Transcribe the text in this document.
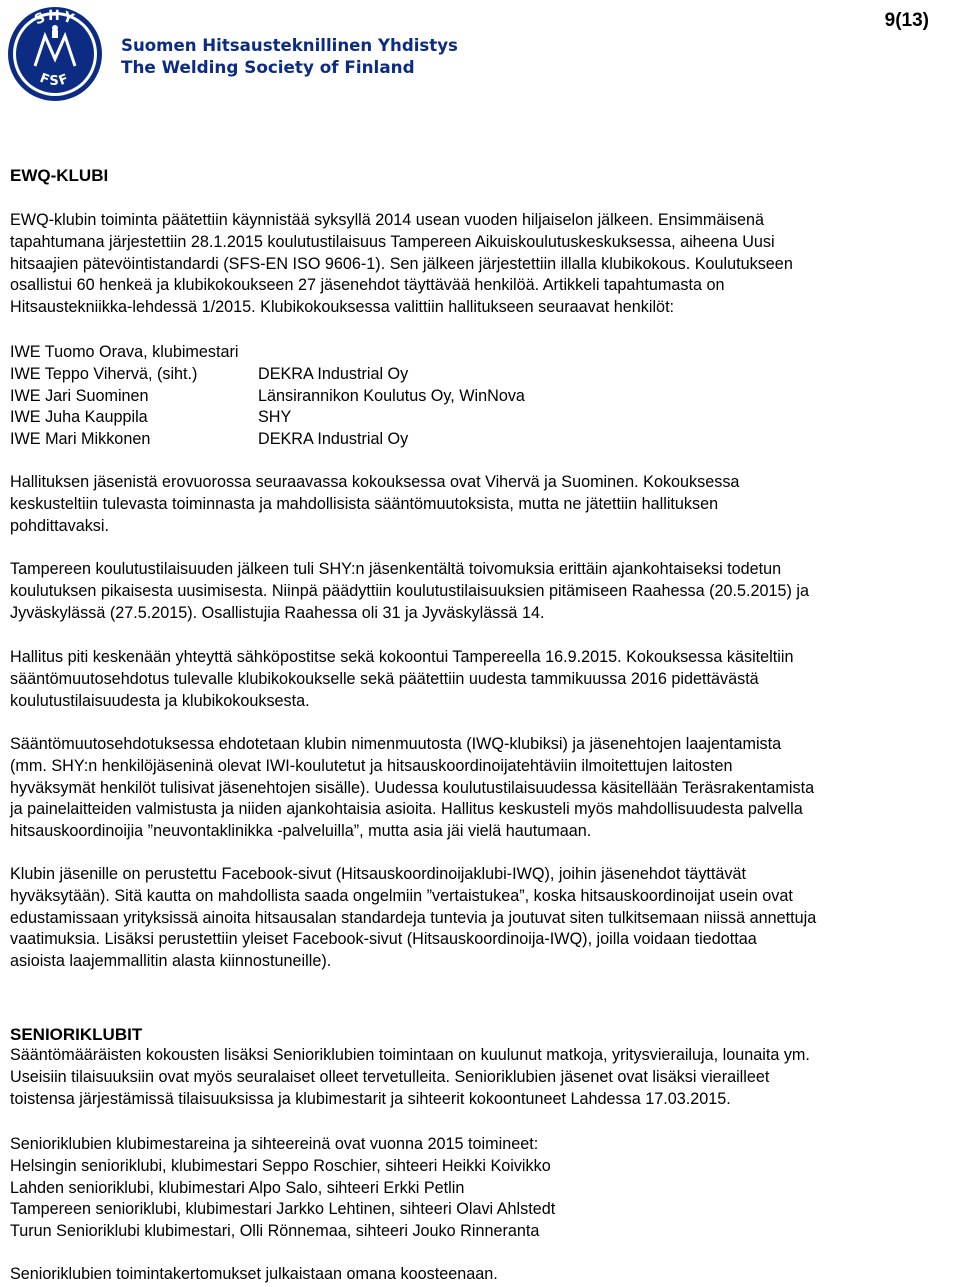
SHY
FSF
Suomen Hitsausteknillinen Yhdistys
The Welding Society of Finland
9(13)
EWQ-KLUBI
EWQ-klubin toiminta päätettiin käynnistää syksyllä 2014 usean vuoden hiljaiselon jälkeen. Ensimmäisenä
tapahtumana järjestettiin 28.1.2015 koulutustilaisuus Tampereen Aikuiskoulutuskeskuksessa, aiheena Uusi
hitsaajien pätevöintistandardi (SFS-EN ISO 9606-1). Sen jälkeen järjestettiin illalla klubikokous. Koulutukseen
osallistui 60 henkeä ja klubikokoukseen 27 jäsenehdot täyttävää henkilöä. Artikkeli tapahtumasta on
Hitsaustekniikka-lehdessä 1/2015. Klubikokouksessa valittiin hallitukseen seuraavat henkilöt:
IWE Tuomo Orava, klubimestari
IWE Teppo Vihervä, (siht.)	DEKRA Industrial Oy
IWE Jari Suominen	Länsirannikon Koulutus Oy, WinNova
IWE Juha Kauppila	SHY
IWE Mari Mikkonen	DEKRA Industrial Oy
Hallituksen jäsenistä erovuorossa seuraavassa kokouksessa ovat Vihervä ja Suominen. Kokouksessa
keskusteltiin tulevasta toiminnasta ja mahdollisista sääntömuutoksista, mutta ne jätettiin hallituksen
pohdittavaksi.
Tampereen koulutustilaisuuden jälkeen tuli SHY:n jäsenkentältä toivomuksia erittäin ajankohtaiseksi todetun
koulutuksen pikaisesta uusimisesta. Niinpä päädyttiin koulutustilaisuuksien pitämiseen Raahessa (20.5.2015) ja
Jyväskylässä (27.5.2015). Osallistujia Raahessa oli 31 ja Jyväskylässä 14.
Hallitus piti keskenään yhteyttä sähköpostitse sekä kokoontui Tampereella 16.9.2015. Kokouksessa käsiteltiin
sääntömuutosehdotus tulevalle klubikokoukselle sekä päätettiin uudesta tammikuussa 2016 pidettävästä
koulutustilaisuudesta ja klubikokouksesta.
Sääntömuutosehdotuksessa ehdotetaan klubin nimenmuutosta (IWQ-klubiksi) ja jäsenehtojen laajentamista
(mm. SHY:n henkilöjäseninä olevat IWI-koulutetut ja hitsauskoordinoijatehtäviin ilmoitettujen laitosten
hyväksymät henkilöt tulisivat jäsenehtojen sisälle). Uudessa koulutustilaisuudessa käsitellään Teräsrakentamista
ja painelaitteiden valmistusta ja niiden ajankohtaisia asioita. Hallitus keskusteli myös mahdollisuudesta palvella
hitsauskoordinoijia ”neuvontaklinikka -palveluilla”, mutta asia jäi vielä hautumaan.
Klubin jäsenille on perustettu Facebook-sivut (Hitsauskoordinoijaklubi-IWQ), joihin jäsenehdot täyttävät
hyväksytään). Sitä kautta on mahdollista saada ongelmiin ”vertaistukea”, koska hitsauskoordinoijat usein ovat
edustamissaan yrityksissä ainoita hitsausalan standardeja tuntevia ja joutuvat siten tulkitsemaan niissä annettuja
vaatimuksia. Lisäksi perustettiin yleiset Facebook-sivut (Hitsauskoordinoija-IWQ), joilla voidaan tiedottaa
asioista laajemmallitin alasta kiinnostuneille).
SENIORIKLUBIT
Sääntömääräisten kokousten lisäksi Senioriklubien toimintaan on kuulunut matkoja, yritysvierailuja, lounaita ym.
Useisiin tilaisuuksiin ovat myös seuralaiset olleet tervetulleita. Senioriklubien jäsenet ovat lisäksi vierailleet
toistensa järjestämissä tilaisuuksissa ja klubimestarit ja sihteerit kokoontuneet Lahdessa 17.03.2015.
Senioriklubien klubimestareina ja sihteereinä ovat vuonna 2015 toimineet:
Helsingin senioriklubi, klubimestari Seppo Roschier, sihteeri Heikki Koivikko
Lahden senioriklubi, klubimestari Alpo Salo, sihteeri Erkki Petlin
Tampereen senioriklubi, klubimestari Jarkko Lehtinen, sihteeri Olavi Ahlstedt
Turun Senioriklubi klubimestari, Olli Rönnemaa, sihteeri Jouko Rinneranta
Senioriklubien toimintakertomukset julkaistaan omana koosteenaan.
